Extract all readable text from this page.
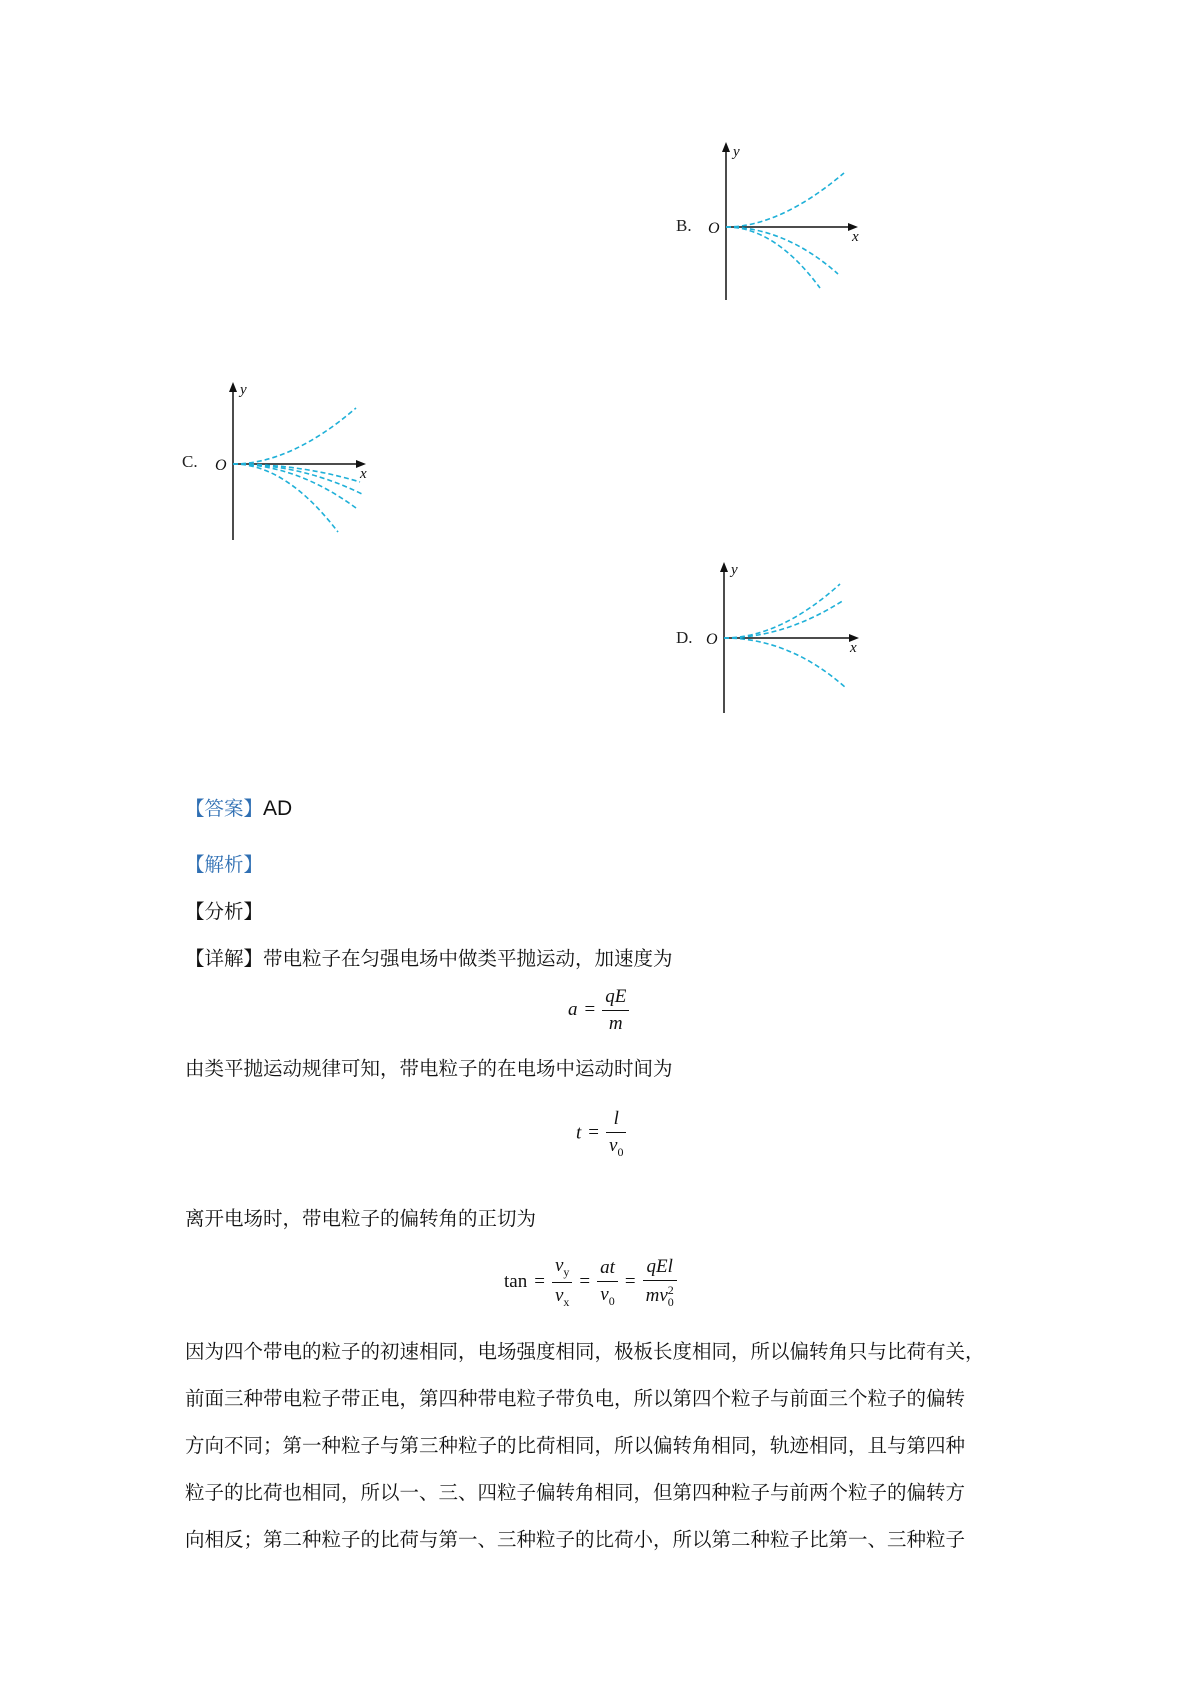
B.
y
x
O
C.
y
x
O
D.
y
x
O
【答案】AD
【解析】
【分析】
【详解】带电粒子在匀强电场中做类平抛运动，加速度为
$a = \frac{qE}{m}$
由类平抛运动规律可知，带电粒子的在电场中运动时间为
$t = \frac{l}{v_0}$
离开电场时，带电粒子的偏转角的正切为
$\tan = \frac{v_y}{v_x} = \frac{at}{v_0} = \frac{\text{qEl}}{mv_0^2}$
因为四个带电的粒子的初速相同，电场强度相同，极板长度相同，所以偏转角只与比荷有关，
前面三种带电粒子带正电，第四种带电粒子带负电，所以第四个粒子与前面三个粒子的偏转
方向不同；第一种粒子与第三种粒子的比荷相同，所以偏转角相同，轨迹相同，且与第四种
粒子的比荷也相同，所以一、三、四粒子偏转角相同，但第四种粒子与前两个粒子的偏转方
向相反；第二种粒子的比荷与第一、三种粒子的比荷小，所以第二种粒子比第一、三种粒子
